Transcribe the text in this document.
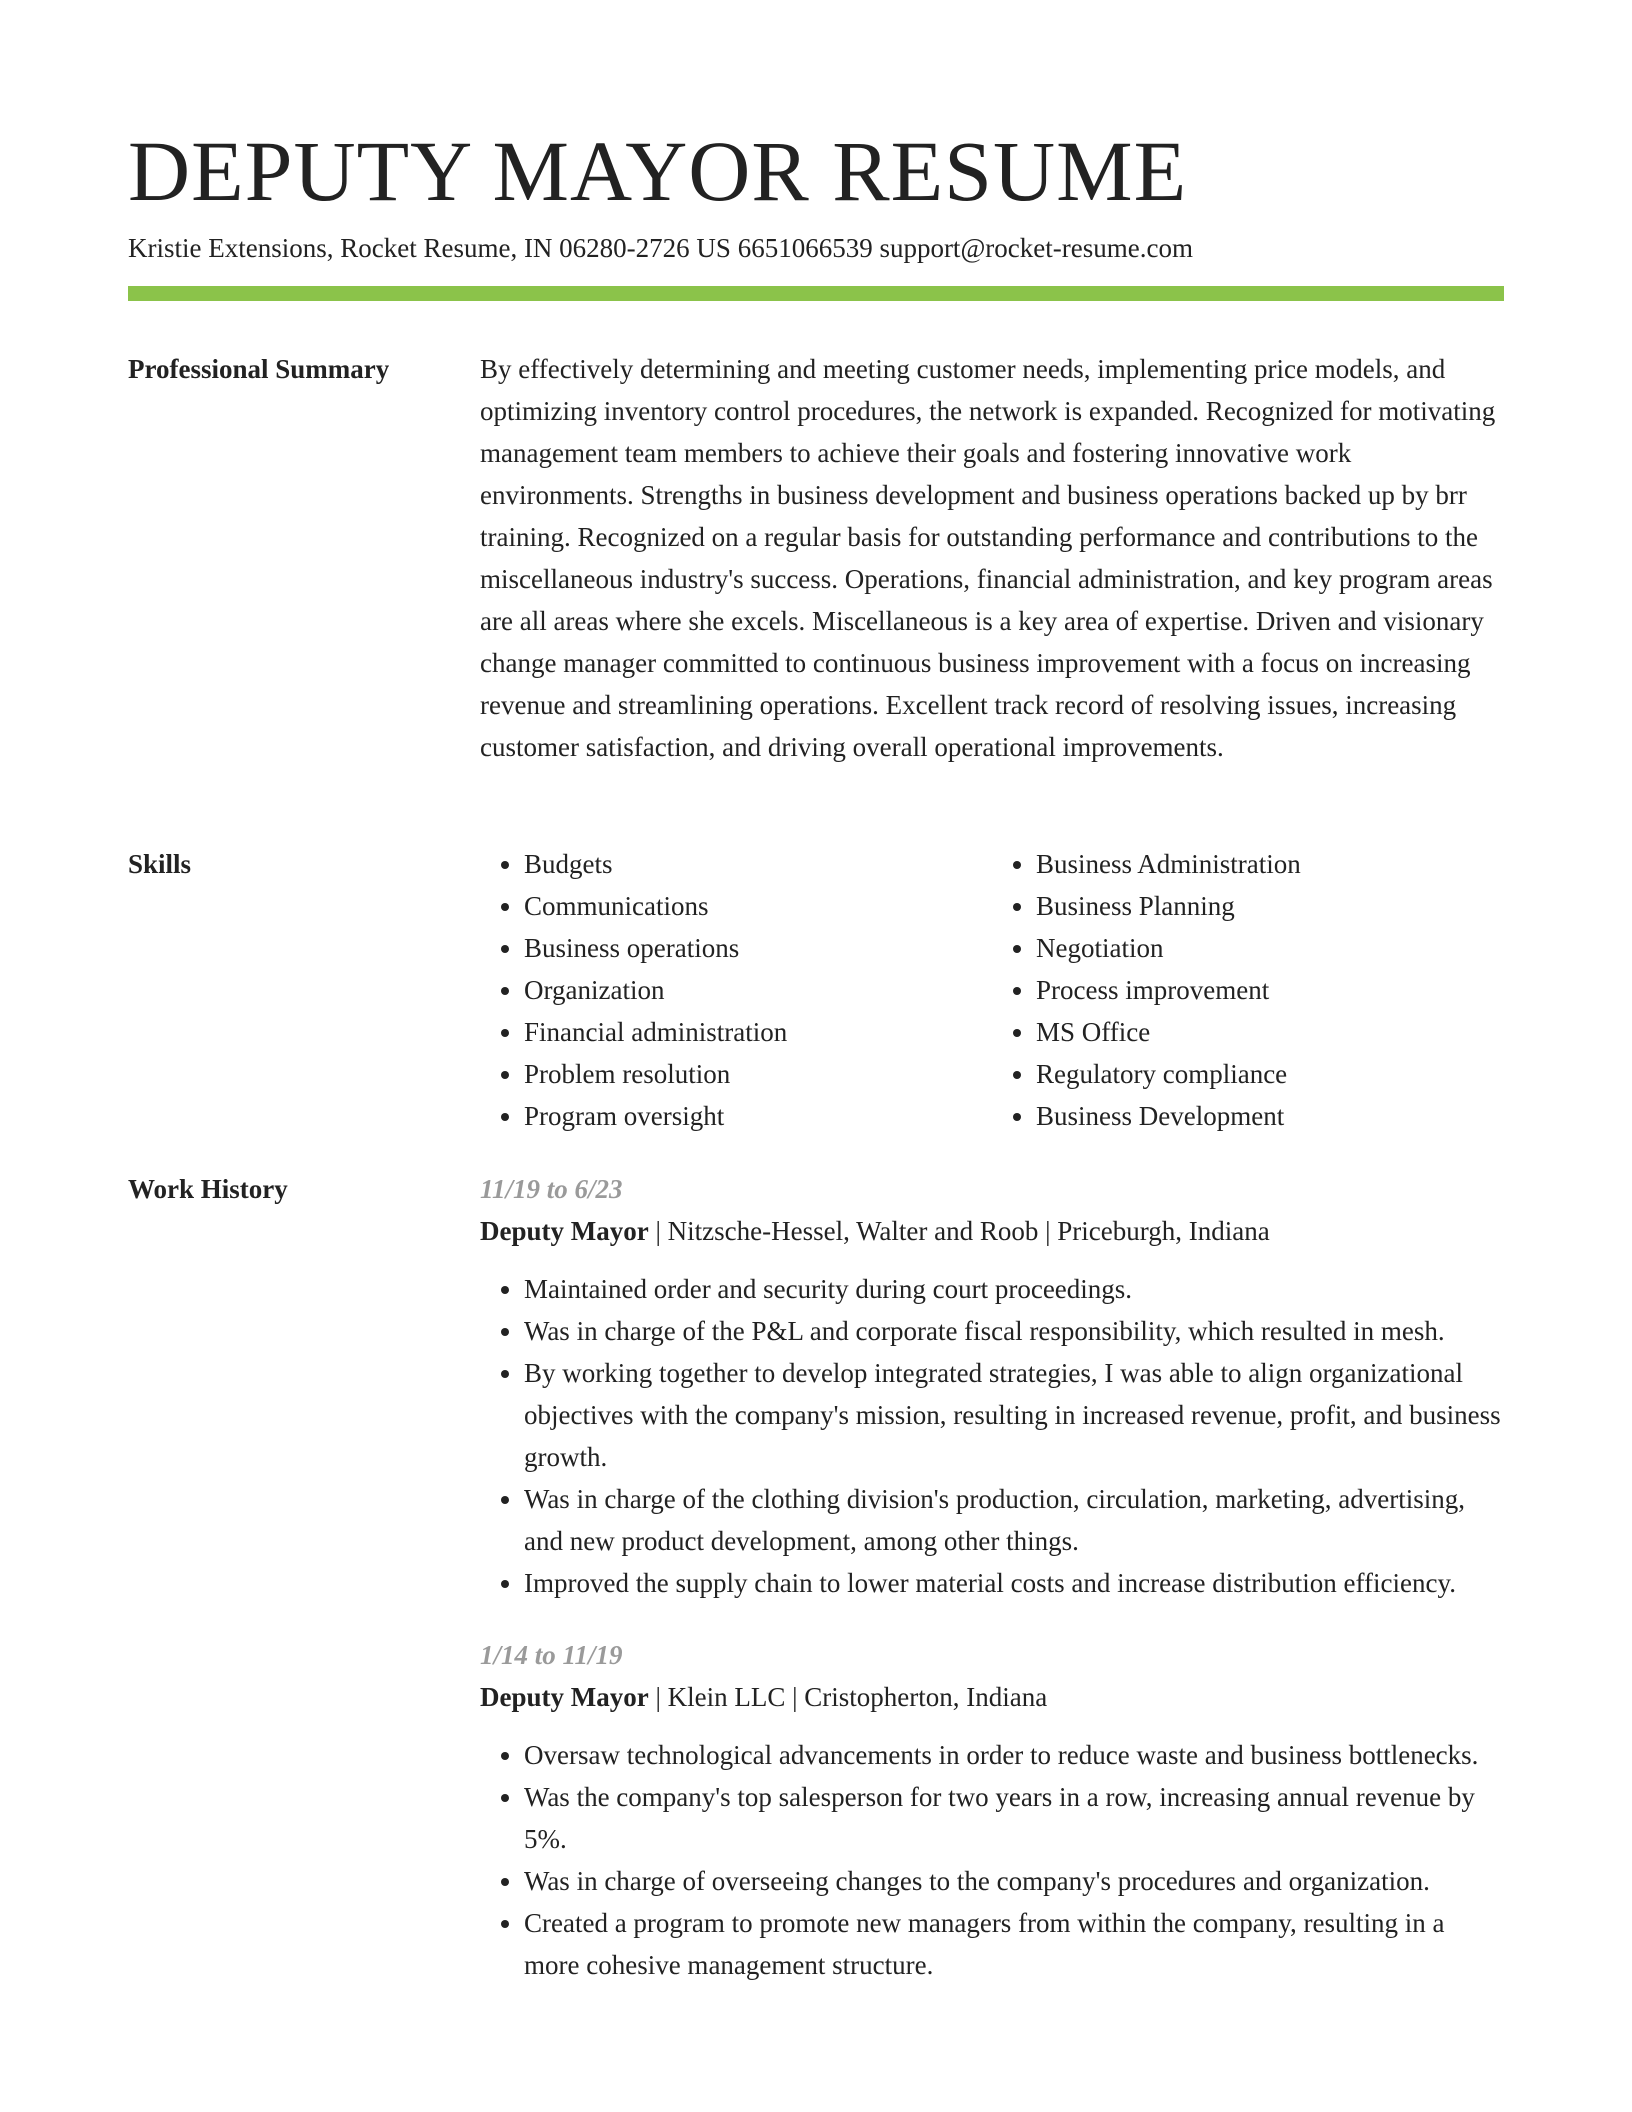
DEPUTY MAYOR RESUME
Kristie Extensions, Rocket Resume, IN 06280-2726 US 6651066539 support@rocket-resume.com
Professional Summary	By effectively determining and meeting customer needs, implementing price models, and optimizing inventory control procedures, the network is expanded. Recognized for motivating management team members to achieve their goals and fostering innovative work environments. Strengths in business development and business operations backed up by brr training. Recognized on a regular basis for outstanding performance and contributions to the miscellaneous industry's success. Operations, financial administration, and key program areas are all areas where she excels. Miscellaneous is a key area of expertise. Driven and visionary change manager committed to continuous business improvement with a focus on increasing revenue and streamlining operations. Excellent track record of resolving issues, increasing customer satisfaction, and driving overall operational improvements.

Skills
•	Budgets
• Communications
• Business operations
• Organization
• Financial administration
• Problem resolution
• Program oversight
• Business Administration
• Business Planning
• Negotiation
• Process improvement
• MS Office
• Regulatory compliance
• Business Development
Work History	11/19 to 6/23
Deputy Mayor | Nitzsche-Hessel, Walter and Roob | Priceburgh, Indiana
• Maintained order and security during court proceedings.
• Was in charge of the P&L and corporate fiscal responsibility, which resulted in mesh.
• By working together to develop integrated strategies, I was able to align organizational objectives with the company's mission, resulting in increased revenue, profit, and business growth.
• Was in charge of the clothing division's production, circulation, marketing, advertising, and new product development, among other things.
• Improved the supply chain to lower material costs and increase distribution efficiency.
1/14 to 11/19
Deputy Mayor | Klein LLC | Cristopherton, Indiana
• Oversaw technological advancements in order to reduce waste and business bottlenecks.
• Was the company's top salesperson for two years in a row, increasing annual revenue by 5%.
• Was in charge of overseeing changes to the company's procedures and organization.
• Created a program to promote new managers from within the company, resulting in a more cohesive management structure.
